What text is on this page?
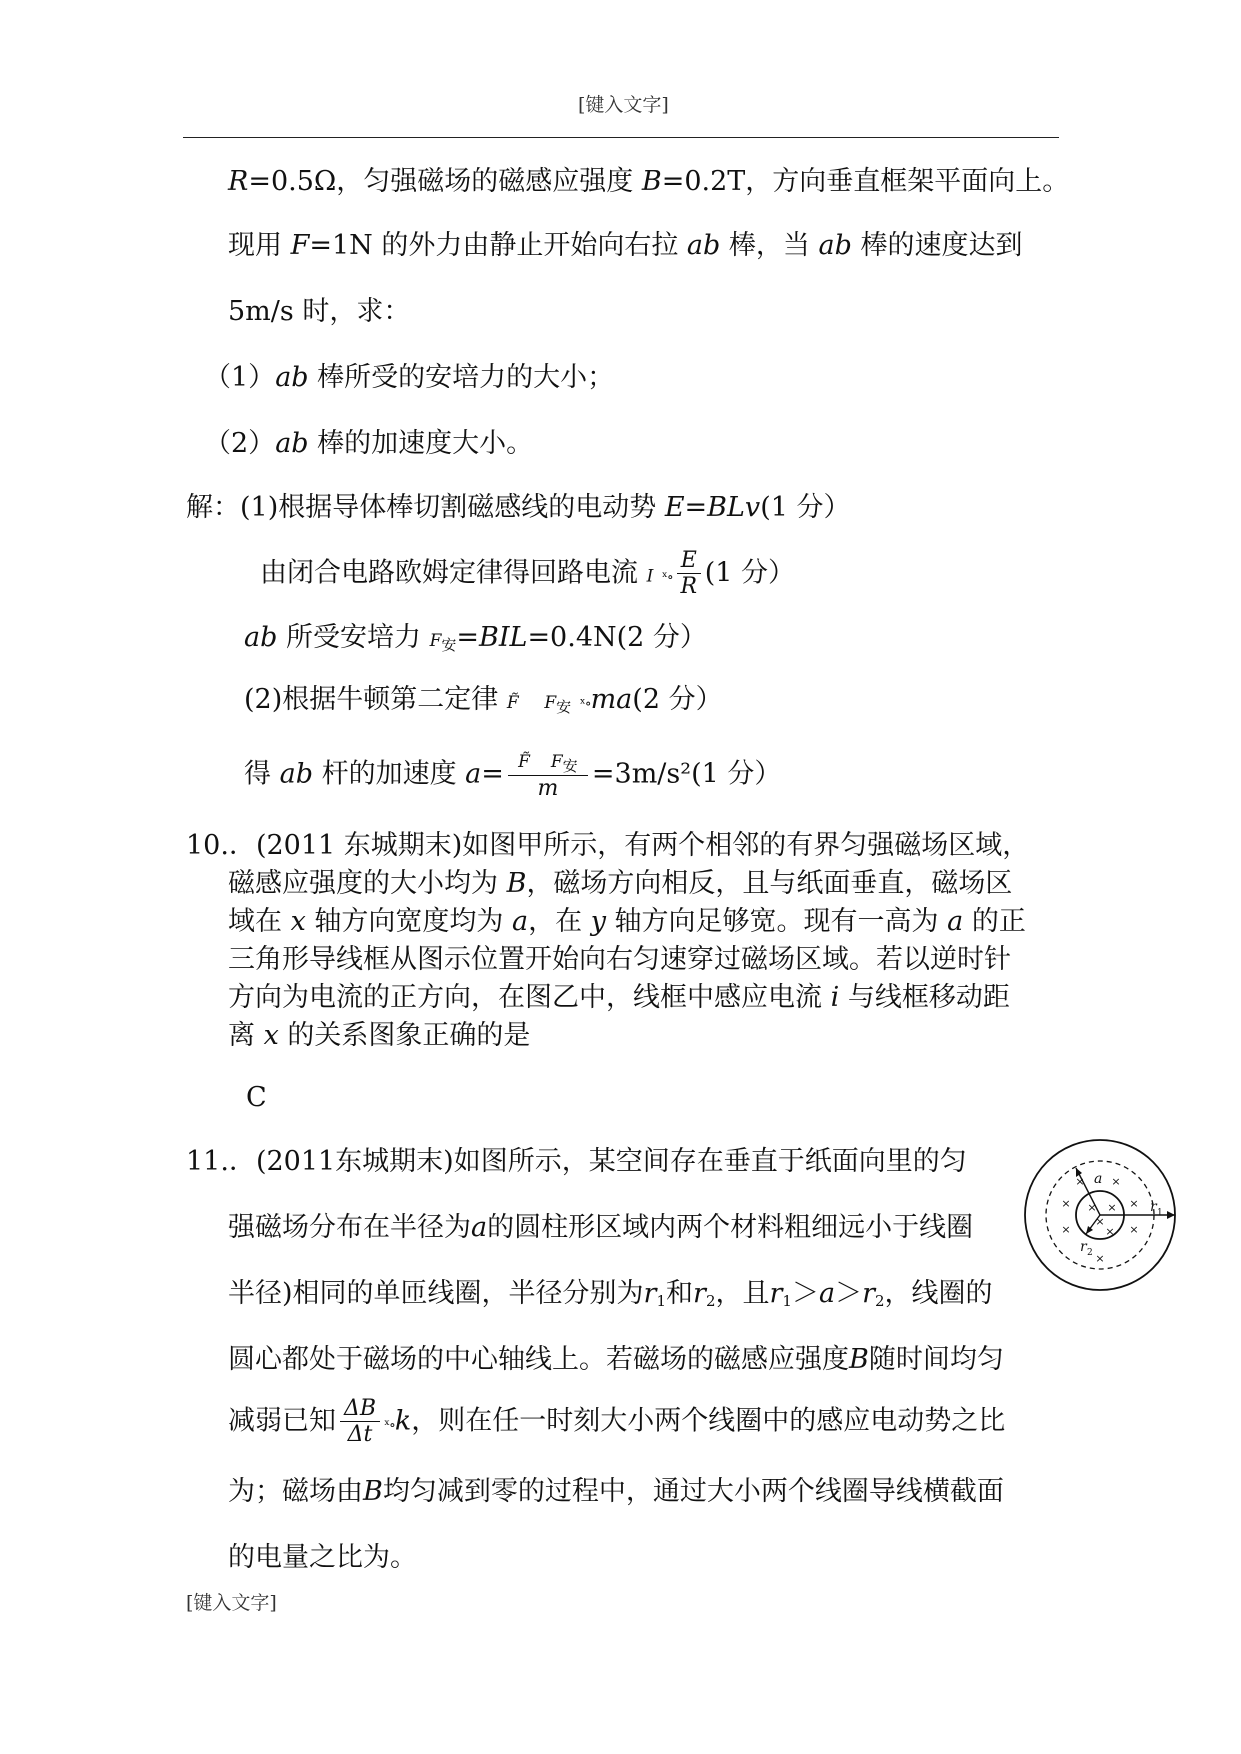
[键入文字]
R=0.5Ω，匀强磁场的磁感应强度 B=0.2T，方向垂直框架平面向上。
现用 F=1N 的外力由静止开始向右拉 ab 棒，当 ab 棒的速度达到
5m/s 时，求：
（1）ab 棒所受的安培力的大小；
（2）ab 棒的加速度大小。
解：(1)根据导体棒切割磁感线的电动势 E=BLv(1 分）
由闭合电路欧姆定律得回路电流 I ˣ∘ $\frac{E}{R} (1$ 分）
ab 所受安培力 $F_安=BIL=0.4N(2$ 分）
(2)根据牛顿第二定律 F̃ $F_安$ ˣ∘ma(2 分）
得 ab 杆的加速度 $a= \frac{F̃ F_安}{m} =3m/s^2(1$ 分）
10.．(2011 东城期末)如图甲所示，有两个相邻的有界匀强磁场区域，
磁感应强度的大小均为 B，磁场方向相反，且与纸面垂直，磁场区
域在 x 轴方向宽度均为 a，在 y 轴方向足够宽。现有一高为 a 的正
三角形导线框从图示位置开始向右匀速穿过磁场区域。若以逆时针
方向为电流的正方向，在图乙中，线框中感应电流 i 与线框移动距
离 x 的关系图象正确的是
C
11.．(2011东城期末)如图所示，某空间存在垂直于纸面向里的匀
强磁场分布在半径为a的圆柱形区域内两个材料粗细远小于线圈
半径)相同的单匝线圈，半径分别为$r_1$和$r_2$，且$r_1>a>r_2$，线圈的
圆心都处于磁场的中心轴线上。若磁场的磁感应强度B随时间均匀
减弱已知 $\frac{\Delta B}{\Delta t}$ ˣ∘k，则在任一时刻大小两个线圈中的感应电动势之比
为；磁场由B均匀减到零的过程中，通过大小两个线圈导线横截面
的电量之比为。
× ×
×	×
× ×
×
×
×	×
×
a
r 1
r 2
[键入文字]
